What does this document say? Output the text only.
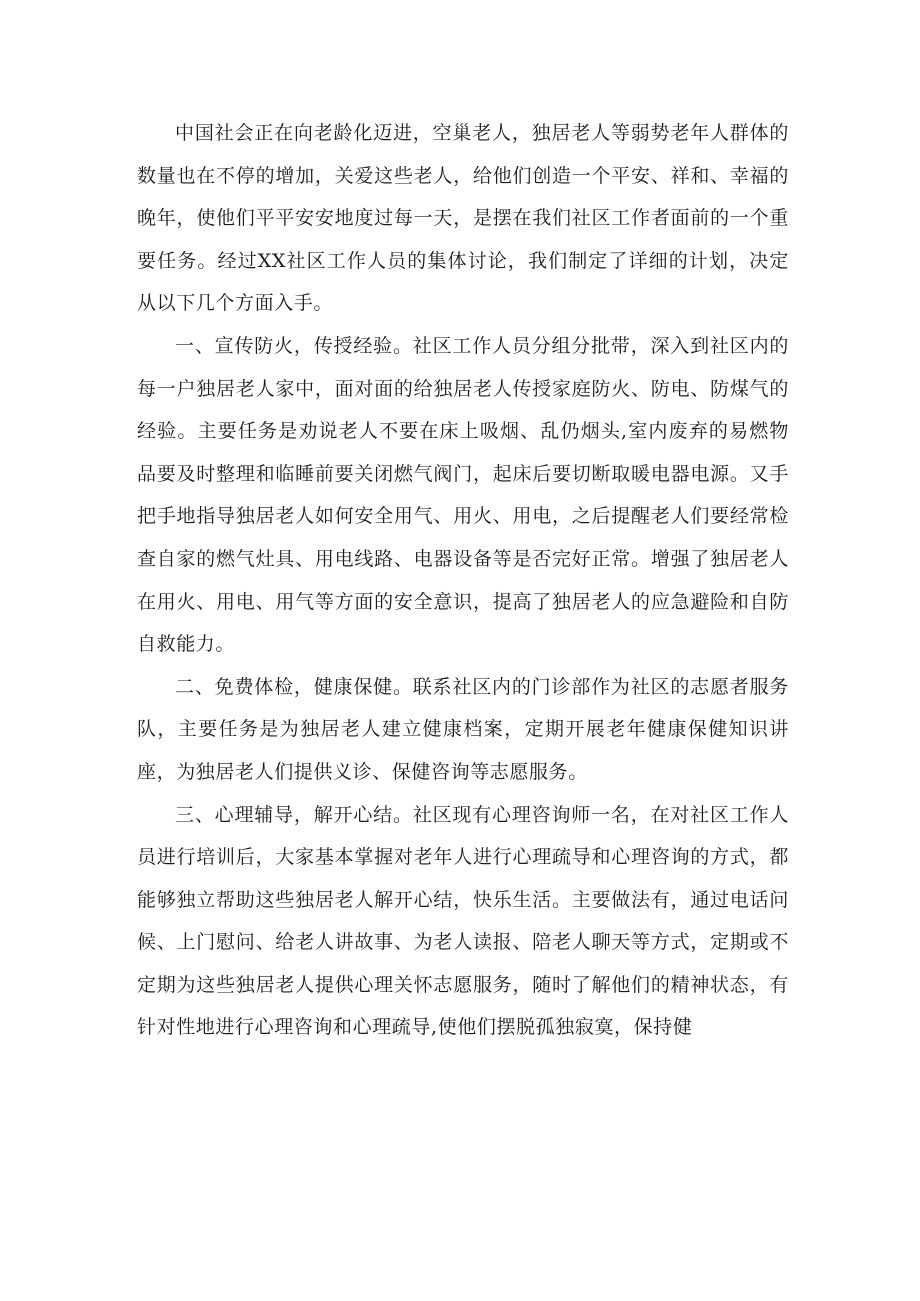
中国社会正在向老龄化迈进，空巢老人，独居老人等弱势老年人群体的数量也在不停的增加，关爱这些老人，给他们创造一个平安、祥和、幸福的晚年，使他们平平安安地度过每一天，是摆在我们社区工作者面前的一个重要任务。经过XX社区工作人员的集体讨论，我们制定了详细的计划，决定从以下几个方面入手。

一、宣传防火，传授经验。社区工作人员分组分批带，深入到社区内的每一户独居老人家中，面对面的给独居老人传授家庭防火、防电、防煤气的经验。主要任务是劝说老人不要在床上吸烟、乱仍烟头,室内废弃的易燃物品要及时整理和临睡前要关闭燃气阀门，起床后要切断取暖电器电源。又手把手地指导独居老人如何安全用气、用火、用电，之后提醒老人们要经常检查自家的燃气灶具、用电线路、电器设备等是否完好正常。增强了独居老人在用火、用电、用气等方面的安全意识，提高了独居老人的应急避险和自防自救能力。

二、免费体检，健康保健。联系社区内的门诊部作为社区的志愿者服务队，主要任务是为独居老人建立健康档案，定期开展老年健康保健知识讲座，为独居老人们提供义诊、保健咨询等志愿服务。

三、心理辅导，解开心结。社区现有心理咨询师一名，在对社区工作人员进行培训后，大家基本掌握对老年人进行心理疏导和心理咨询的方式，都能够独立帮助这些独居老人解开心结，快乐生活。主要做法有，通过电话问候、上门慰问、给老人讲故事、为老人读报、陪老人聊天等方式，定期或不定期为这些独居老人提供心理关怀志愿服务，随时了解他们的精神状态，有针对性地进行心理咨询和心理疏导,使他们摆脱孤独寂寞，保持健
